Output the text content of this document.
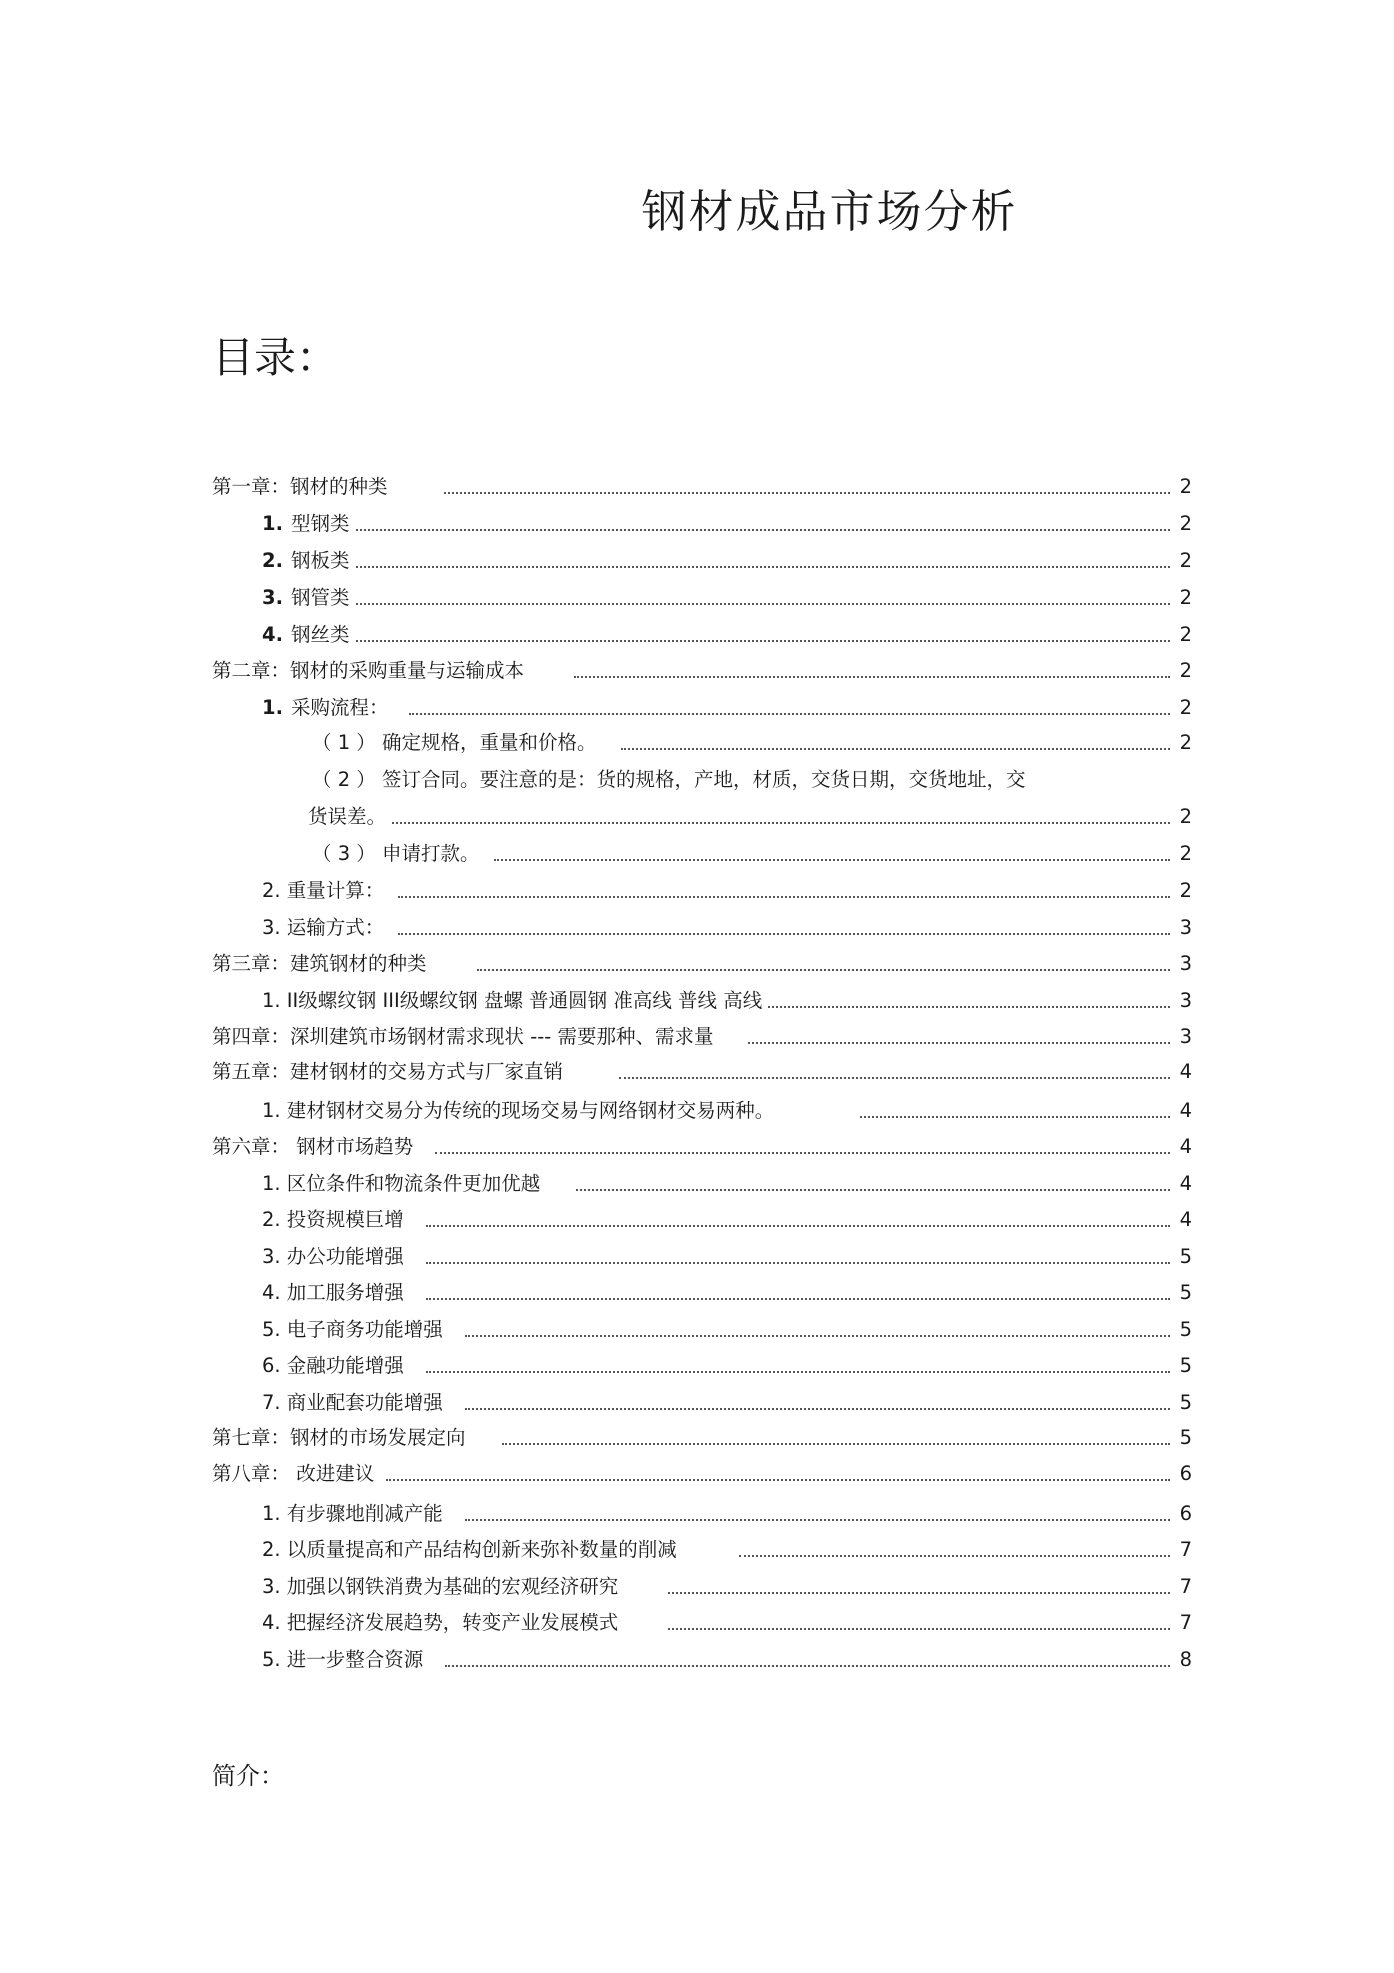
钢材成品市场分析
目录：
第一章：钢材的种类	2
1. 型钢类	2
2. 钢板类	2
3. 钢管类	2
4. 钢丝类	2
第二章：钢材的采购重量与运输成本	2
1. 采购流程：	2
（ 1 ） 确定规格，重量和价格。	2
（ 2 ） 签订合同。要注意的是：货的规格，产地，材质，交货日期，交货地址，交
货误差。	2
（ 3 ） 申请打款。	2
2. 重量计算：	2
3. 运输方式：	3
第三章：建筑钢材的种类	3
1. II级螺纹钢 III级螺纹钢 盘螺 普通圆钢 准高线 普线 高线	3
第四章：深圳建筑市场钢材需求现状 --- 需要那种、需求量	3
第五章：建材钢材的交易方式与厂家直销	4
1. 建材钢材交易分为传统的现场交易与网络钢材交易两种。	4
第六章： 钢材市场趋势	4
1. 区位条件和物流条件更加优越	4
2. 投资规模巨增	4
3. 办公功能增强	5
4. 加工服务增强	5
5. 电子商务功能增强	5
6. 金融功能增强	5
7. 商业配套功能增强	5
第七章：钢材的市场发展定向	5
第八章： 改进建议	6
1. 有步骤地削减产能	6
2. 以质量提高和产品结构创新来弥补数量的削减	7
3. 加强以钢铁消费为基础的宏观经济研究	7
4. 把握经济发展趋势，转变产业发展模式	7
5. 进一步整合资源	8
简介：
